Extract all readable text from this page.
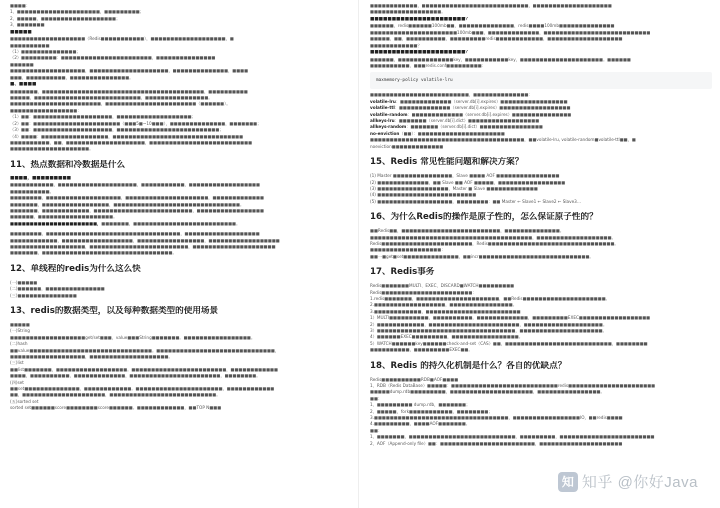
■■■■：
1、■■■■■■■■■■■■■■■■■■■■■，■■■■■■■■■；
2、■■■■■，■■■■■■■■■■■■■■■■■■■；
3、■■■■■■■
■■■■■
■■■■■■■■■■■■■■■■■■■（Redis■■■■■■■■■■■），■■■■■■■■■■■■■■■■■■■，■
■■■■■■■■■■
（1）■■■■■■■■■■■■■■；
（2）■■■■■■■■■：■■■■■■■■■■■■■■■■■■■■■■■，■■■■■■■■■■■■■■■
■■■■■■
■■■■■■■■■■■■■■■■■■■，■■■■■■■■■■■■■■■■■■■■，■■■■■■■■■■■■■■，■■■■
■■■，■■■■■■■■■■，■■■■■■■■■■■■■■■。
■、■■■■
■■■■■■■，■■■■■■■■■■■■■■■■■■■■■■■■■■■■■■■■■■■■■■■■■，■■■■■■■■■■
■■■■■，■■■■■■■■■■■■■■■■■■■■■■■■■■■，■■■■■■■■■■■■■■■■。
■■■■■■■■■■■■■■■■■■■■■■■，■■■■■■■■■■■■■■■■■■■■■■■（■■■■■■）。
■■■■■■■■■■■■■■■■■：
（1）■■：■■■■■■■■■■■■■■■■■■■■，■■■■■■■■■■■■■■■■■■■；
（2）■■：■■■■■■■■■■■■■■■■■■■■■■（■■■5■~10■■■），■■■■■■■■■■■■■■，■■■■■■■；
（3）■■：■■■■■■■■■■■■■■■■■■■■，■■■■■■■■■■■■■■■■■■■■■■■■■■；
（4）■■■■：■■■■■■■■■■■■■■■■■，■■■■■■■■■■■■■■■■■■■■■■■■■■■■■■■■■
■■■■■■■■■■，■■，■■■■■■■■■■■■■■■■■■■■，■■■■■■■■■■■■■■■■■■■■■■■■■■
■■■■■■■■■■■■■■■■■■■■。
11、热点数据和冷数据是什么
■■■■，■■■■■■■■■
■■■■■■■■■■■，■■■■■■■■■■■■■■■■■■■■，■■■■■■■■■■■，■■■■■■■■■■■■■■■■■■
■■■■■■■■■■。
■■■■■■■■，■■■■■■■■■■■■■■■■■■■，■■■■■■■■■■■■■■■■■■■■■，■■■■■■■■■■■■■
■■■■■■■，■■■■■■■■■■■■■■■■■，■■■■■■■■■■■■■■■■■■■■■■■■■■■■■■■■。
■■■■■■■，■■■■■■■■■■■■，■■■■■■■■■■■■■■■■■■■■■■■■■，■■■■■■■■■■■■■■■■■
■■■■■■，■■■■■■■■■■■■■■■■■■■。
■■■■■■■■■■■■■■■■■■■■■■，■■■■■■■，■■■■■■■■■■■■■■■■■■■■■■■■■■。
■■■■■■■■，■■■■■■■■■■■■■■■■■■■■■■■■■■■■■■■■■■，■■■■■■■■■■■■■■■■■■■
■■■■■■■■■■■■，■■■■■■■■■■■■■■■■■■，■■■■■■■■■■■■■■■■■，■■■■■■■■■■■■■■■■■■
■■■■■■■■■■■■■■■■■■■，■■■■■■■■■■■■■■■■■■■■■■■■■，■■■■■■■■■■■■■■■■■■■■■
■■■■■■■，■■■■■■■■■■■■■■■■■■■■■■■■■■■■■■■■■。
12、单线程的redis为什么这么快
(一)■■■■■
(二)■■■■■■，■■■■■■■■■■■■■■■
(三)■■■■■■■■■■■■■■■
13、redis的数据类型，以及每种数据类型的使用场景
■■■■■
(一)String
■■■■■■■■■■■■■■■■■■■get/set■■■，value■■■String■■■■■■■。■■■■■■■■■■■■■■■■■。
(二)hash
■■value■■■■■■■■■■■■■■■■■■■■■■■■■■■■■■■。■■■■■■■■■■■■■■■■■■■■■■■■■■■■■■，
■■■■■■■■■■■■■■■■■■■，■■■■■■■■■■■■■■■■■■■■。
(三)list
■■list■■■■■■■，■■■■■■■■■■■■■■■■■■。■■■■■■■■■■■■■■■■■■■■■■■■，■■■■■■■■■■■■
■■■■，■■■■■■■■■■，■■■■■■■■■■■■■，■■■■■■■■■■■■■■■■■■■■■■■，■■■■■■■■。
(四)set
■■set■■■■■■■■■■■■■■，■■■■■■■■■■■■。■■■■■■■■■■■■■■■■■■■■■■，■■■■■■■■■■■■
■■，■■■■■■■■■■■■■■■■■■■■■，■■■■■■■■■■■■■■■■■■■■■■■■■■■。
(五)sorted set
sorted set■■■■■■score■■■■■■■■score■■■■■■。■■■■■■■■■■■■，■■TOP N■■■
■■■■■■■■■■■■，■■■■■■■■■■■■■■■■■■■■■■■■■■■，■■■■■■■■■■■■■■■■■■■■
■■■■■■■■■■■■■■■■■■。
■■■■■■■■■■■■■■■■■■■■■■？
■■■■■■，redis■■■■■■100mb■■，■■■■■■■■■■■■■■，redis■■■■100mb■■■■■■■■■■■■■■
■■■■■■■■■■■■■■■■■■■■■■100mb■■■，■■■■■■■■■■■■■，■■■■■■■■■■■■■■■■■■■■■■■■■■■
■■■■■，■■，■■■■■■■■■■，■■■■■■■■■redis■■■■■■■■■■■■，■■■■■■■■■■■■■■■■■■■
■■■■■■■■■■■■？
■■■■■■■■■■■■■■■■■■■■■■？
■■■■■■，■■■■■■■■■■■■■■key，■■■■■■■■■■■key，■■■■■■■■■■■■■■■■■■■■■。■■■■■■
■■■■■■■■■■，■■■redis.conf■■■■■■■■■：
maxmemory-policy volatile-lru
■■■■■■■■■■■■■■■■■■■■■■■■■，■■■■■■■■■■■■■■：
volatile-lru：■■■■■■■■■■■■■（server.db[i].expires）■■■■■■■■■■■■■■■■■
volatile-ttl：■■■■■■■■■■■■■（server.db[i].expires）■■■■■■■■■■■■■■■■■■
volatile-random：■■■■■■■■■■■■■（server.db[i].expires）■■■■■■■■■■■■■■■
allkeys-lru：■■■■■■■（server.db[i].dict）■■■■■■■■■■■■■■■■■■
allkeys-random：■■■■■■■（server.db[i].dict）■■■■■■■■■■■■■■■■
no-enviction（■■）：■■■■■■■■■■■■■■■■■■■■■■
■■■■■■■■■■■■■■■■■■■■■■■■■■■■■■■■■■■■■■■，■■volatile-lru, volatile-random■volatile-ttl■■，■
noeviction■■■■■■■■■■■■■
15、Redis 常见性能问题和解决方案？
(1) Master ■■■■■■■■■■■■■■■，Slave ■■■■ AOF ■■■■■■■■■■■■■■■■
(2) ■■■■■■■■■■■■■，■■ Slave ■■ AOF ■■■■■，■■■■■■■■■■■■■■■■■
(3) ■■■■■■■■■■■■■■■■■■，Master ■ Slave ■■■■■■■■■■■■■
(4) ■■■■■■■■■■■■■■■■■■■■■■■■■
(5) ■■■■■■■■■■■■■■■■■■■，■■■■■■■■：■■ Master ← Slave1 ← Slave2 ← Slave3…
16、为什么Redis的操作是原子性的，怎么保证原子性的？
■■Redis■■，■■■■■■■■■■■■■■■■■■■■■■■■■，■■■■■■■■■■■■■■。
■■■■■■■■■■■■■■■■■■■■■■■■■■■■■■■■■■■■■■■■■，■■■■■■■■■■■■■■■■■■■。
Redis■■■■■■■■■■■■■■■■■■■■■■■，Redis■■■■■■■■■■■■■■■■■■■■■■■■■■■■■■■■。
■■■■■■■■■■■■■■■■■■：
■■一■get■set■■■■■■■■■■■■■■，■■incr■■■■■■■■■■■■■■■■■■■■■■■■■■■■。
17、Redis事务
Redis■■■■■■■MULTI、EXEC、DISCARD■WATCH■■■■■■■■■
Redis■■■■■■■■■■■■■■■■■■■■■■■：
1.redis■■■■■■■，■■■■■■■■■■■■■■■■■■■■■，■■Redis■■■■■■■■■■■■■■■■■■■■■。
2.■■■■■■■■■■■■■■■■■■，■■■■■■■■■■■■■■■■。
3.■■■■■■■■■■■■，■■■■■■■■■■■■■■■■■■■■■■■■
1）MULTI■■■■■■■■■■，■■■■■■■■■■，■■■■■■■■■■■■■，■■■■■■■■■EXEC■■■■■■■■■■■■■■■■■■
2）■■■■■■■■■■■■，■■■■■■■■■■■■■■■■■■■■■■■，■■■■■■■■■■■■■■■■■■■■。
3）■■■■■■■■■■■■■■■■■■■■■■■■■■■■■■■■■■■，■■■■■■■■■■■■■■■■■■■■■。
4）■■■■■■EXEC■■■■■■■■■，■■■■■■■■■■■■■■■■■。
5）WATCH■■■■■■key■■■■■■check-and-set（CAS）■■，■■■■■■■■■■■■■■■■■■■■■■■■■■■，■■■■■■■■
■■■■■■■■■■，■■■■■■■■■EXEC■■。
18、Redis 的持久化机制是什么？各自的优缺点？
Redis■■■■■■■■■■RDB■AOF■■■■
1、RDB（Redis DataBase）■■■■■：■■■■■■■■■■■■■■■■■■■■■■■■■■■redis■■■■■■■■■■■■■■■■■■■■■■
■■■■■dump.rdb■■■■■■■■■，■■■■■■■■■■■■■■■■■■■■■，■■■■■■■■■■■■■■■■。
■■：
1、■■■■■■■■■ dump.rdb，■■■■■■■；
2、■■■■■，fork■■■■■■■■■■■，■■■■■■■■；
3.■■■■■■■■■■■■■■■■■■■■■■■■■■■■■■■■■■，■■■■■■■■■■■■■■■■■IO，■■redis■■■■
4.■■■■■■■■■，■■■■AOF■■■■■■■。
■■：
1、■■■■■■■，■■■■■■■■■■■■■■■■■■■■■■■■■■■，■■■■■■■■■，■■■■■■■■■■■■■■■■■■■■■■■■
2、AOF（Append-only file）■■：■■■■■■■■■■■■■■■■■■■■■■■■，■■■■■■■■■■■■■■■■■■■■■
知 知乎 @你好Java
